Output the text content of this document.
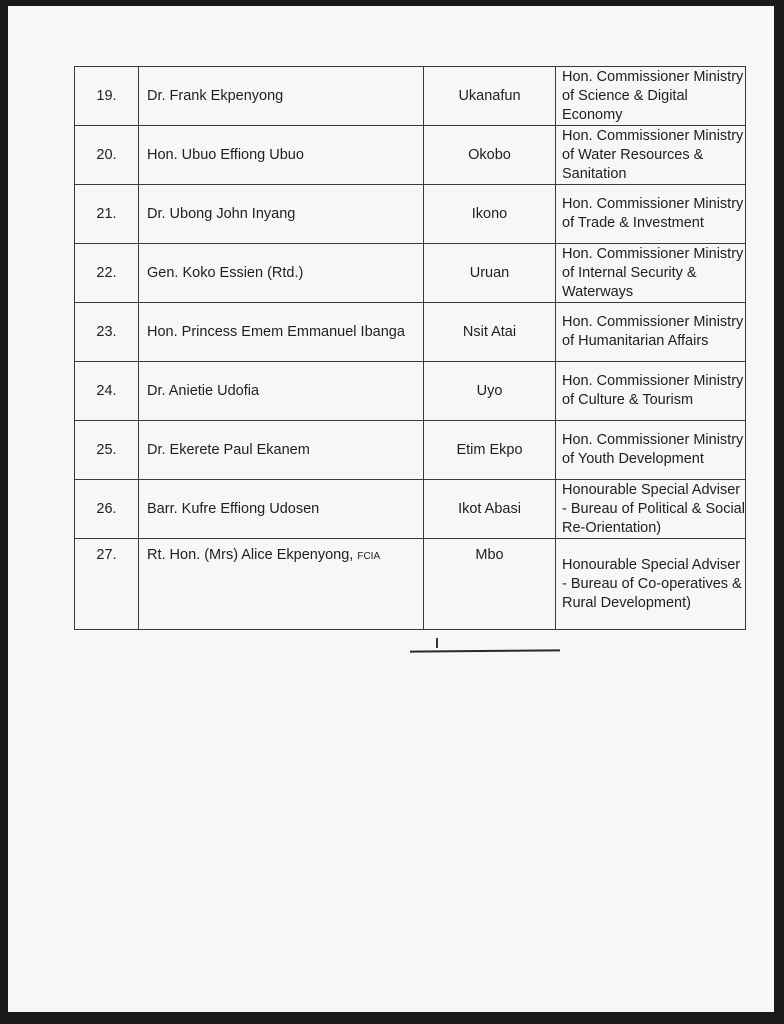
19.	Dr. Frank Ekpenyong	Ukanafun	Hon. Commissioner Ministry of Science & Digital Economy
20.	Hon. Ubuo Effiong Ubuo	Okobo	Hon. Commissioner Ministry of Water Resources & Sanitation
21.	Dr. Ubong John Inyang	Ikono	Hon. Commissioner Ministry of Trade & Investment
22.	Gen. Koko Essien (Rtd.)	Uruan	Hon. Commissioner Ministry of Internal Security & Waterways
23.	Hon. Princess Emem Emmanuel Ibanga	Nsit Atai	Hon. Commissioner Ministry of Humanitarian Affairs
24.	Dr. Anietie Udofia	Uyo	Hon. Commissioner Ministry of Culture & Tourism
25.	Dr. Ekerete Paul Ekanem	Etim Ekpo	Hon. Commissioner Ministry of Youth Development
26.	Barr. Kufre Effiong Udosen	Ikot Abasi	Honourable Special Adviser - Bureau of Political & Social Re-Orientation)
27.	Rt. Hon. (Mrs) Alice Ekpenyong, FCIA	Mbo	Honourable Special Adviser - Bureau of Co-operatives & Rural Development)
